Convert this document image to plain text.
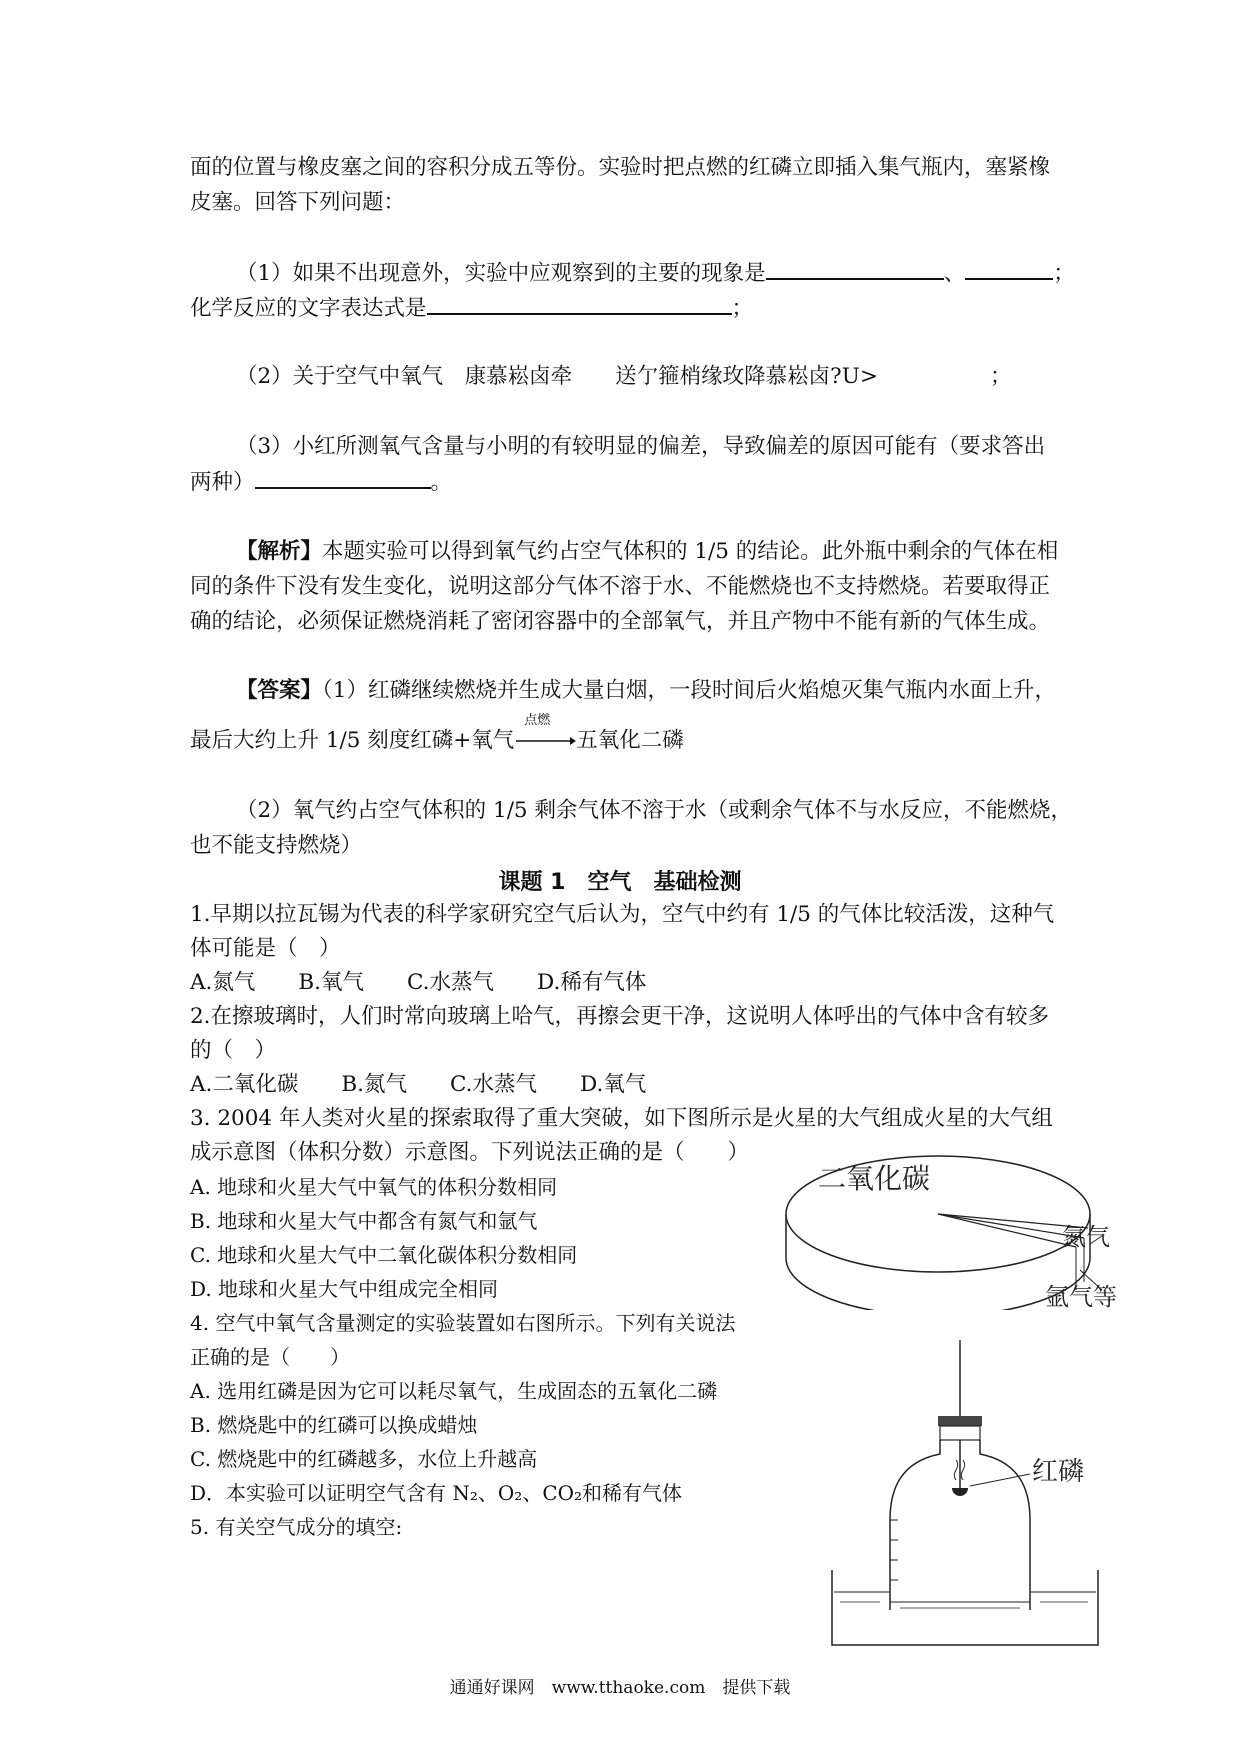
面的位置与橡皮塞之间的容积分成五等份。实验时把点燃的红磷立即插入集气瓶内，塞紧橡
皮塞。回答下列问题：
（1）如果不出现意外，实验中应观察到的主要的现象是	、	；
化学反应的文字表达式是	；
（2）关于空气中氧气　康慕崧卤牵　　送亇箍梢缘玫降慕崧卤?U>	；
（3）小红所测氧气含量与小明的有较明显的偏差，导致偏差的原因可能有（要求答出
两种）	。
【解析】本题实验可以得到氧气约占空气体积的 1/5 的结论。此外瓶中剩余的气体在相
同的条件下没有发生变化，说明这部分气体不溶于水、不能燃烧也不支持燃烧。若要取得正
确的结论，必须保证燃烧消耗了密闭容器中的全部氧气，并且产物中不能有新的气体生成。
【答案】（1）红磷继续燃烧并生成大量白烟，一段时间后火焰熄灭集气瓶内水面上升，
最后大约上升 1/5 刻度红磷+氧气
点燃
五氧化二磷
（2）氧气约占空气体积的 1/5 剩余气体不溶于水（或剩余气体不与水反应，不能燃烧，
也不能支持燃烧）
课题 1　空气　基础检测
1.早期以拉瓦锡为代表的科学家研究空气后认为，空气中约有 1/5 的气体比较活泼，这种气
体可能是（　）
A.氮气　　B.氧气　　C.水蒸气　　D.稀有气体
2.在擦玻璃时，人们时常向玻璃上哈气，再擦会更干净，这说明人体呼出的气体中含有较多
的（　）
A.二氧化碳　　B.氮气　　C.水蒸气　　D.氧气
3. 2004 年人类对火星的探索取得了重大突破，如下图所示是火星的大气组成火星的大气组
成示意图（体积分数）示意图。下列说法正确的是（　　）
A. 地球和火星大气中氧气的体积分数相同
B. 地球和火星大气中都含有氮气和氩气
C. 地球和火星大气中二氧化碳体积分数相同
D. 地球和火星大气中组成完全相同
4. 空气中氧气含量测定的实验装置如右图所示。下列有关说法
正确的是（　　）
A. 选用红磷是因为它可以耗尽氧气，生成固态的五氧化二磷
B. 燃烧匙中的红磷可以换成蜡烛
C. 燃烧匙中的红磷越多，水位上升越高
D．本实验可以证明空气含有 N₂、O₂、CO₂和稀有气体
5. 有关空气成分的填空:
二氧化碳
氮气
氩气等
红磷
通通好课网　www.tthaoke.com　提供下载
